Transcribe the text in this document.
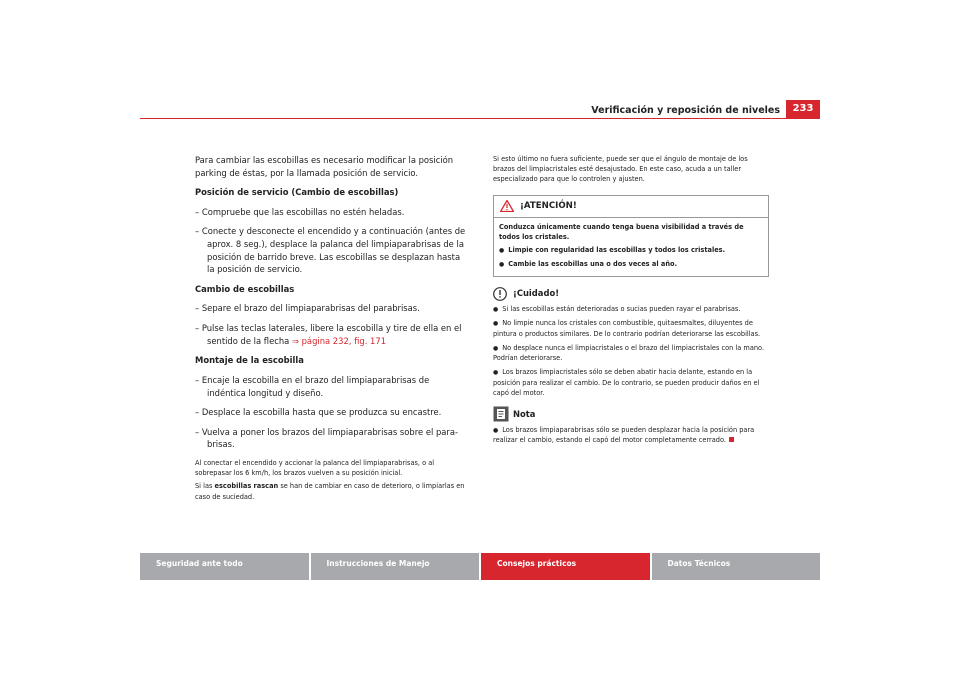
Verificación y reposición de niveles	233

Para cambiar las escobillas es necesario modificar la posición parking de éstas, por la llamada posición de servicio.

Posición de servicio (Cambio de escobillas)

– Compruebe que las escobillas no estén heladas.

– Conecte y desconecte el encendido y a continuación (antes de aprox. 8 seg.), desplace la palanca del limpiaparabrisas de la posición de barrido breve. Las escobillas se desplazan hasta la posición de servicio.

Cambio de escobillas

– Separe el brazo del limpiaparabrisas del parabrisas.

– Pulse las teclas laterales, libere la escobilla y tire de ella en el sentido de la flecha ⇒ página 232, fig. 171

Montaje de la escobilla

– Encaje la escobilla en el brazo del limpiaparabrisas de indéntica longitud y diseño.

– Desplace la escobilla hasta que se produzca su encastre.

– Vuelva a poner los brazos del limpiaparabrisas sobre el para-brisas.

Al conectar el encendido y accionar la palanca del limpiaparabrisas, o al sobrepasar los 6 km/h, los brazos vuelven a su posición inicial.

Si las escobillas rascan se han de cambiar en caso de deterioro, o limpiarlas en caso de suciedad.

Si esto último no fuera suficiente, puede ser que el ángulo de montaje de los brazos del limpiacristales esté desajustado. En este caso, acuda a un taller especializado para que lo controlen y ajusten.

¡ATENCIÓN!

Conduzca únicamente cuando tenga buena visibilidad a través de todos los cristales.

● Limpie con regularidad las escobillas y todos los cristales.

● Cambie las escobillas una o dos veces al año.

¡Cuidado!

● Si las escobillas están deterioradas o sucias pueden rayar el parabrisas.

● No limpie nunca los cristales con combustible, quitaesmaltes, diluyentes de pintura o productos similares. De lo contrario podrían deteriorarse las escobillas.

● No desplace nunca el limpiacristales o el brazo del limpiacristales con la mano. Podrían deteriorarse.

● Los brazos limpiacristales sólo se deben abatir hacia delante, estando en la posición para realizar el cambio. De lo contrario, se pueden producir daños en el capó del motor.

Nota

● Los brazos limpiaparabrisas sólo se pueden desplazar hacia la posición para realizar el cambio, estando el capó del motor completamente cerrado.

Seguridad ante todo	Instrucciones de Manejo	Consejos prácticos	Datos Técnicos
